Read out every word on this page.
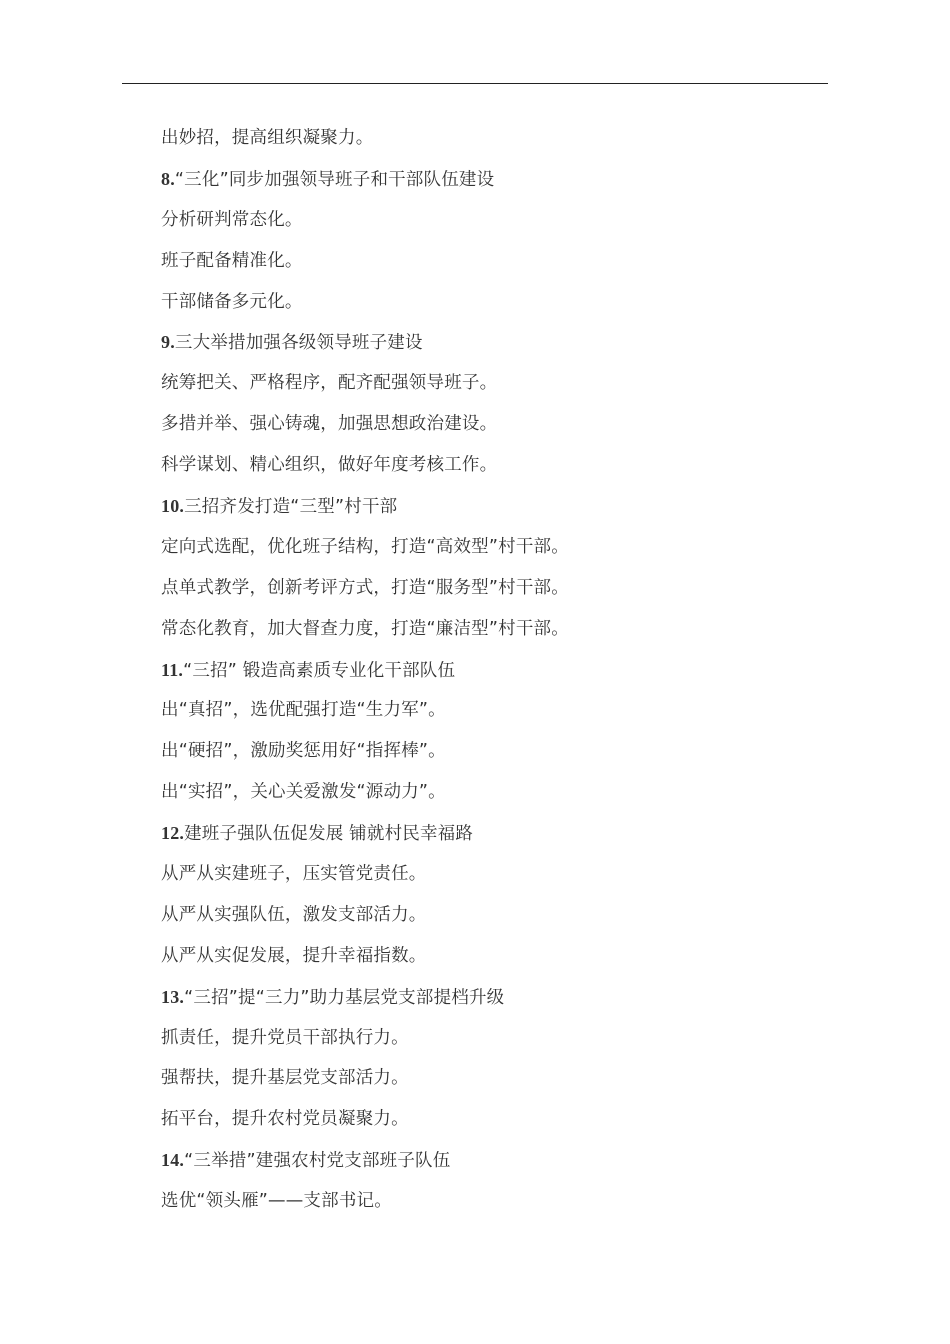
出妙招，提高组织凝聚力。
8.“三化”同步加强领导班子和干部队伍建设
分析研判常态化。
班子配备精准化。
干部储备多元化。
9.三大举措加强各级领导班子建设
统筹把关、严格程序，配齐配强领导班子。
多措并举、强心铸魂，加强思想政治建设。
科学谋划、精心组织，做好年度考核工作。
10.三招齐发打造“三型”村干部
定向式选配，优化班子结构，打造“高效型”村干部。
点单式教学，创新考评方式，打造“服务型”村干部。
常态化教育，加大督查力度，打造“廉洁型”村干部。
11.“三招” 锻造高素质专业化干部队伍
出“真招”，选优配强打造“生力军”。
出“硬招”，激励奖惩用好“指挥棒”。
出“实招”，关心关爱激发“源动力”。
12.建班子强队伍促发展 铺就村民幸福路
从严从实建班子，压实管党责任。
从严从实强队伍，激发支部活力。
从严从实促发展，提升幸福指数。
13.“三招”提“三力”助力基层党支部提档升级
抓责任，提升党员干部执行力。
强帮扶，提升基层党支部活力。
拓平台，提升农村党员凝聚力。
14.“三举措”建强农村党支部班子队伍
选优“领头雁”——支部书记。
